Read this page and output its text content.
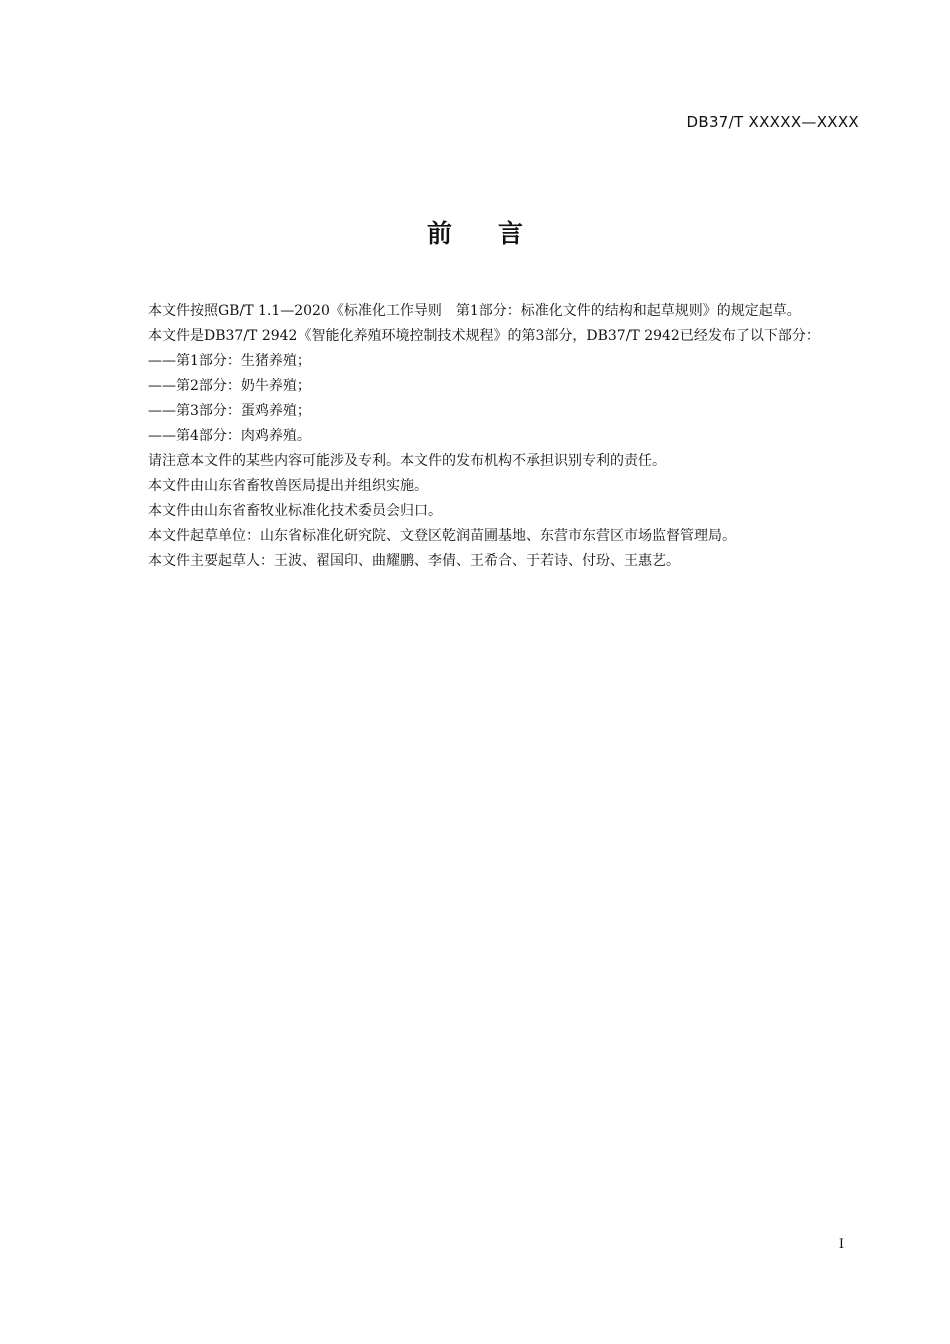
DB37/T XXXXX—XXXX
前言

本文件按照GB/T 1.1—2020《标准化工作导则　第1部分：标准化文件的结构和起草规则》的规定起草。

本文件是DB37/T 2942《智能化养殖环境控制技术规程》的第3部分，DB37/T 2942已经发布了以下部分：

——第1部分：生猪养殖；

——第2部分：奶牛养殖；

——第3部分：蛋鸡养殖；

——第4部分：肉鸡养殖。

请注意本文件的某些内容可能涉及专利。本文件的发布机构不承担识别专利的责任。

本文件由山东省畜牧兽医局提出并组织实施。

本文件由山东省畜牧业标准化技术委员会归口。

本文件起草单位：山东省标准化研究院、文登区乾润苗圃基地、东营市东营区市场监督管理局。

本文件主要起草人：王波、翟国印、曲耀鹏、李倩、王希合、于若诗、付玢、王惠艺。

I
